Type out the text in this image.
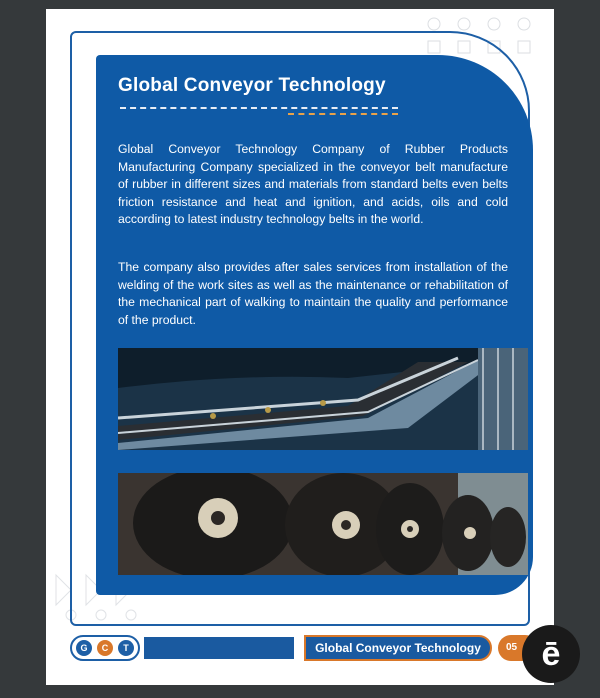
Global Conveyor Technology

Global Conveyor Technology Company of Rubber Products Manufacturing Company specialized in the conveyor belt manufacture of rubber in different sizes and materials from standard belts even belts friction resistance and heat and ignition, and acids, oils and cold according to latest industry technology belts in the world.

The company also provides after sales services from installation of the welding of the work sites as well as the maintenance or rehabilitation of the mechanical part of walking to maintain the quality and performance of the product.

G	C	T	Global Conveyor Technology	05 ē
